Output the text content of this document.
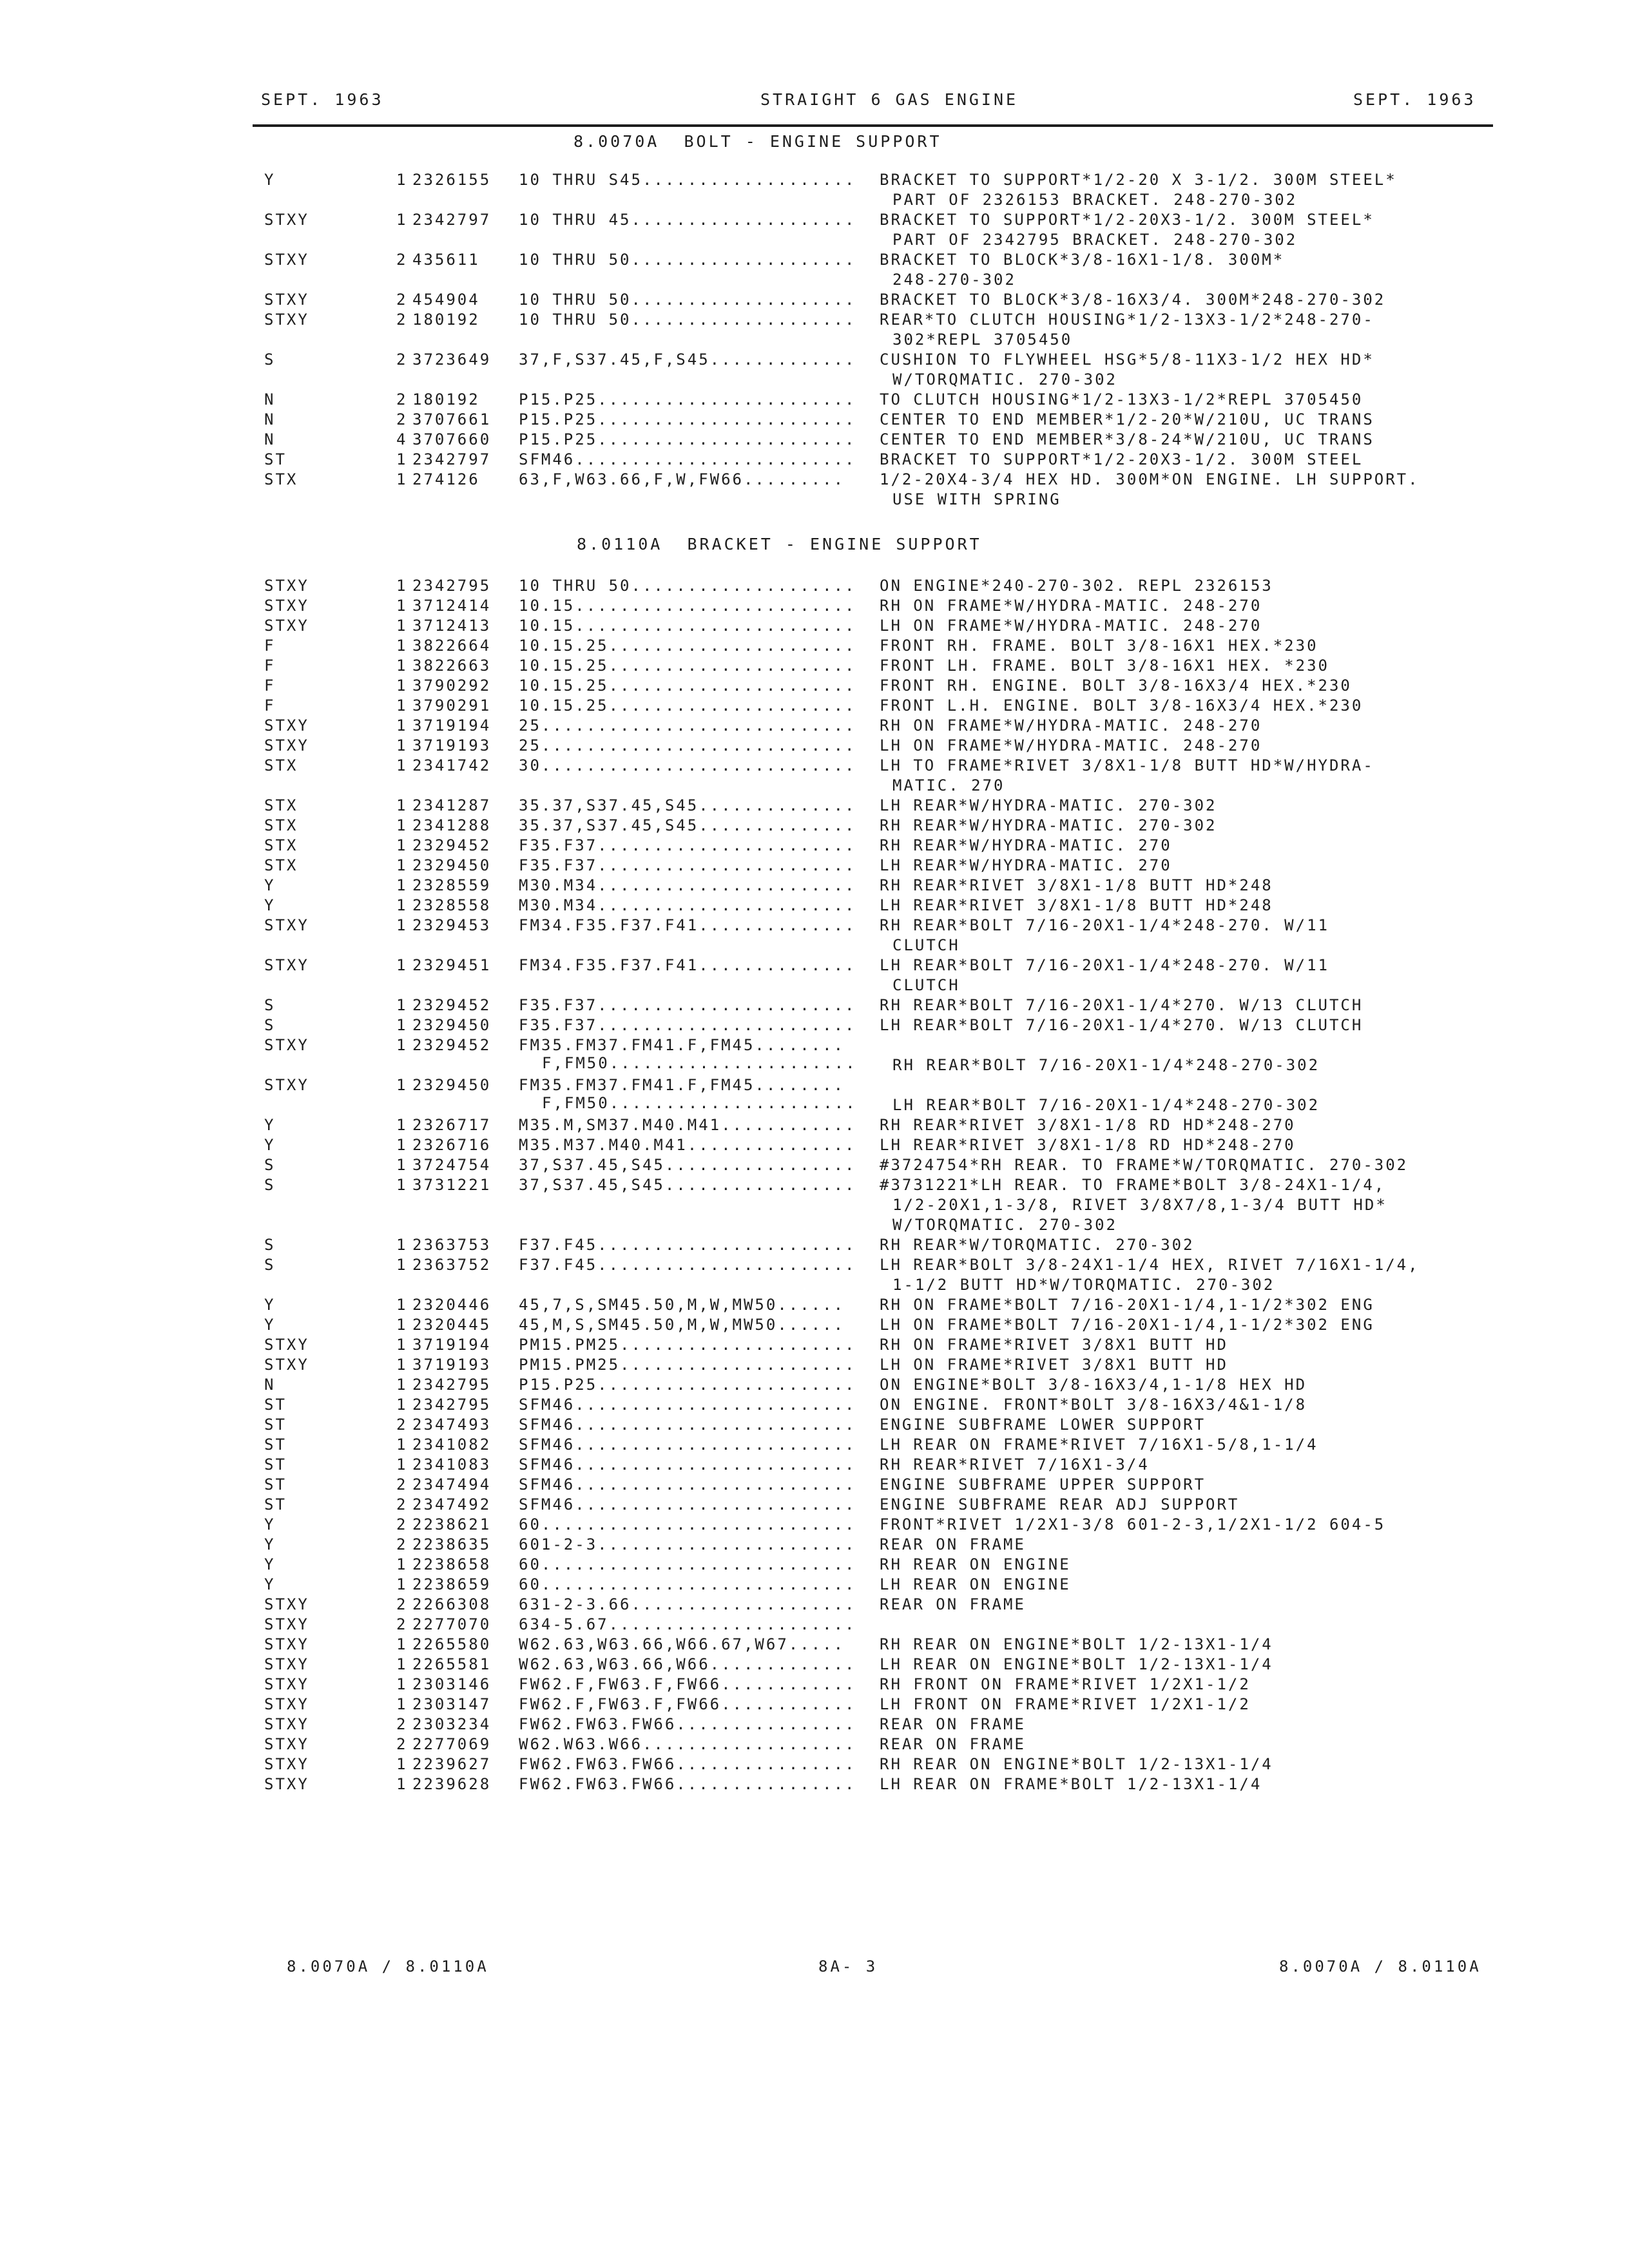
SEPT. 1963	STRAIGHT 6 GAS ENGINE	SEPT. 1963
8.0070A  BOLT - ENGINE SUPPORT
Y	1 2326155 10 THRU S45................... BRACKET TO SUPPORT*1/2-20 X 3-1/2. 300M STEEL*
PART OF 2326153 BRACKET. 248-270-302
STXY	1 2342797 10 THRU 45.................... BRACKET TO SUPPORT*1/2-20X3-1/2. 300M STEEL*
PART OF 2342795 BRACKET. 248-270-302
STXY	2 435611	10 THRU 50.................... BRACKET TO BLOCK*3/8-16X1-1/8. 300M*
248-270-302
STXY	2 454904	10 THRU 50.................... BRACKET TO BLOCK*3/8-16X3/4. 300M*248-270-302
STXY	2 180192	10 THRU 50.................... REAR*TO CLUTCH HOUSING*1/2-13X3-1/2*248-270-
302*REPL 3705450
S	2 3723649 37,F,S37.45,F,S45............. CUSHION TO FLYWHEEL HSG*5/8-11X3-1/2 HEX HD*
W/TORQMATIC. 270-302
N	2 180192	P15.P25....................... TO CLUTCH HOUSING*1/2-13X3-1/2*REPL 3705450
N	2 3707661 P15.P25....................... CENTER TO END MEMBER*1/2-20*W/210U, UC TRANS
N	4 3707660 P15.P25....................... CENTER TO END MEMBER*3/8-24*W/210U, UC TRANS
ST	1 2342797 SFM46......................... BRACKET TO SUPPORT*1/2-20X3-1/2. 300M STEEL
STX	1 274126	63,F,W63.66,F,W,FW66......... 1/2-20X4-3/4 HEX HD. 300M*ON ENGINE. LH SUPPORT.
USE WITH SPRING
8.0110A  BRACKET - ENGINE SUPPORT
STXY	1 2342795 10 THRU 50.................... ON ENGINE*240-270-302. REPL 2326153
STXY	1 3712414 10.15......................... RH ON FRAME*W/HYDRA-MATIC. 248-270
STXY	1 3712413 10.15......................... LH ON FRAME*W/HYDRA-MATIC. 248-270
F	1 3822664 10.15.25...................... FRONT RH. FRAME. BOLT 3/8-16X1 HEX.*230
F	1 3822663 10.15.25...................... FRONT LH. FRAME. BOLT 3/8-16X1 HEX. *230
F	1 3790292 10.15.25...................... FRONT RH. ENGINE. BOLT 3/8-16X3/4 HEX.*230
F	1 3790291 10.15.25...................... FRONT L.H. ENGINE. BOLT 3/8-16X3/4 HEX.*230
STXY	1 3719194 25............................ RH ON FRAME*W/HYDRA-MATIC. 248-270
STXY	1 3719193 25............................ LH ON FRAME*W/HYDRA-MATIC. 248-270
STX	1 2341742 30............................ LH TO FRAME*RIVET 3/8X1-1/8 BUTT HD*W/HYDRA-
MATIC. 270
STX	1 2341287 35.37,S37.45,S45.............. LH REAR*W/HYDRA-MATIC. 270-302
STX	1 2341288 35.37,S37.45,S45.............. RH REAR*W/HYDRA-MATIC. 270-302
STX	1 2329452 F35.F37....................... RH REAR*W/HYDRA-MATIC. 270
STX	1 2329450 F35.F37....................... LH REAR*W/HYDRA-MATIC. 270
Y	1 2328559 M30.M34....................... RH REAR*RIVET 3/8X1-1/8 BUTT HD*248
Y	1 2328558 M30.M34....................... LH REAR*RIVET 3/8X1-1/8 BUTT HD*248
STXY	1 2329453 FM34.F35.F37.F41.............. RH REAR*BOLT 7/16-20X1-1/4*248-270. W/11
CLUTCH
STXY	1 2329451 FM34.F35.F37.F41.............. LH REAR*BOLT 7/16-20X1-1/4*248-270. W/11
CLUTCH
S	1 2329452 F35.F37....................... RH REAR*BOLT 7/16-20X1-1/4*270. W/13 CLUTCH
S	1 2329450 F35.F37....................... LH REAR*BOLT 7/16-20X1-1/4*270. W/13 CLUTCH
STXY	1 2329452 FM35.FM37.FM41.F,FM45........
F,FM50......................	RH REAR*BOLT 7/16-20X1-1/4*248-270-302
STXY	1 2329450 FM35.FM37.FM41.F,FM45........
F,FM50......................	LH REAR*BOLT 7/16-20X1-1/4*248-270-302
Y	1 2326717 M35.M,SM37.M40.M41............ RH REAR*RIVET 3/8X1-1/8 RD HD*248-270
Y	1 2326716 M35.M37.M40.M41............... LH REAR*RIVET 3/8X1-1/8 RD HD*248-270
S	1 3724754 37,S37.45,S45................. #3724754*RH REAR. TO FRAME*W/TORQMATIC. 270-302
S	1 3731221 37,S37.45,S45................. #3731221*LH REAR. TO FRAME*BOLT 3/8-24X1-1/4,
1/2-20X1,1-3/8, RIVET 3/8X7/8,1-3/4 BUTT HD*
W/TORQMATIC. 270-302
S	1 2363753 F37.F45....................... RH REAR*W/TORQMATIC. 270-302
S	1 2363752 F37.F45....................... LH REAR*BOLT 3/8-24X1-1/4 HEX, RIVET 7/16X1-1/4,
1-1/2 BUTT HD*W/TORQMATIC. 270-302
Y	1 2320446 45,7,S,SM45.50,M,W,MW50...... RH ON FRAME*BOLT 7/16-20X1-1/4,1-1/2*302 ENG
Y	1 2320445 45,M,S,SM45.50,M,W,MW50...... LH ON FRAME*BOLT 7/16-20X1-1/4,1-1/2*302 ENG
STXY	1 3719194 PM15.PM25..................... RH ON FRAME*RIVET 3/8X1 BUTT HD
STXY	1 3719193 PM15.PM25..................... LH ON FRAME*RIVET 3/8X1 BUTT HD
N	1 2342795 P15.P25....................... ON ENGINE*BOLT 3/8-16X3/4,1-1/8 HEX HD
ST	1 2342795 SFM46......................... ON ENGINE. FRONT*BOLT 3/8-16X3/4&1-1/8
ST	2 2347493 SFM46......................... ENGINE SUBFRAME LOWER SUPPORT
ST	1 2341082 SFM46......................... LH REAR ON FRAME*RIVET 7/16X1-5/8,1-1/4
ST	1 2341083 SFM46......................... RH REAR*RIVET 7/16X1-3/4
ST	2 2347494 SFM46......................... ENGINE SUBFRAME UPPER SUPPORT
ST	2 2347492 SFM46......................... ENGINE SUBFRAME REAR ADJ SUPPORT
Y	2 2238621 60............................ FRONT*RIVET 1/2X1-3/8 601-2-3,1/2X1-1/2 604-5
Y	2 2238635 601-2-3....................... REAR ON FRAME
Y	1 2238658 60............................ RH REAR ON ENGINE
Y	1 2238659 60............................ LH REAR ON ENGINE
STXY	2 2266308 631-2-3.66.................... REAR ON FRAME
STXY	2 2277070 634-5.67......................
STXY	1 2265580 W62.63,W63.66,W66.67,W67..... RH REAR ON ENGINE*BOLT 1/2-13X1-1/4
STXY	1 2265581 W62.63,W63.66,W66............. LH REAR ON ENGINE*BOLT 1/2-13X1-1/4
STXY	1 2303146 FW62.F,FW63.F,FW66............ RH FRONT ON FRAME*RIVET 1/2X1-1/2
STXY	1 2303147 FW62.F,FW63.F,FW66............ LH FRONT ON FRAME*RIVET 1/2X1-1/2
STXY	2 2303234 FW62.FW63.FW66................ REAR ON FRAME
STXY	2 2277069 W62.W63.W66................... REAR ON FRAME
STXY	1 2239627 FW62.FW63.FW66................ RH REAR ON ENGINE*BOLT 1/2-13X1-1/4
STXY	1 2239628 FW62.FW63.FW66................ LH REAR ON FRAME*BOLT 1/2-13X1-1/4
8.0070A / 8.0110A	8A- 3	8.0070A / 8.0110A
